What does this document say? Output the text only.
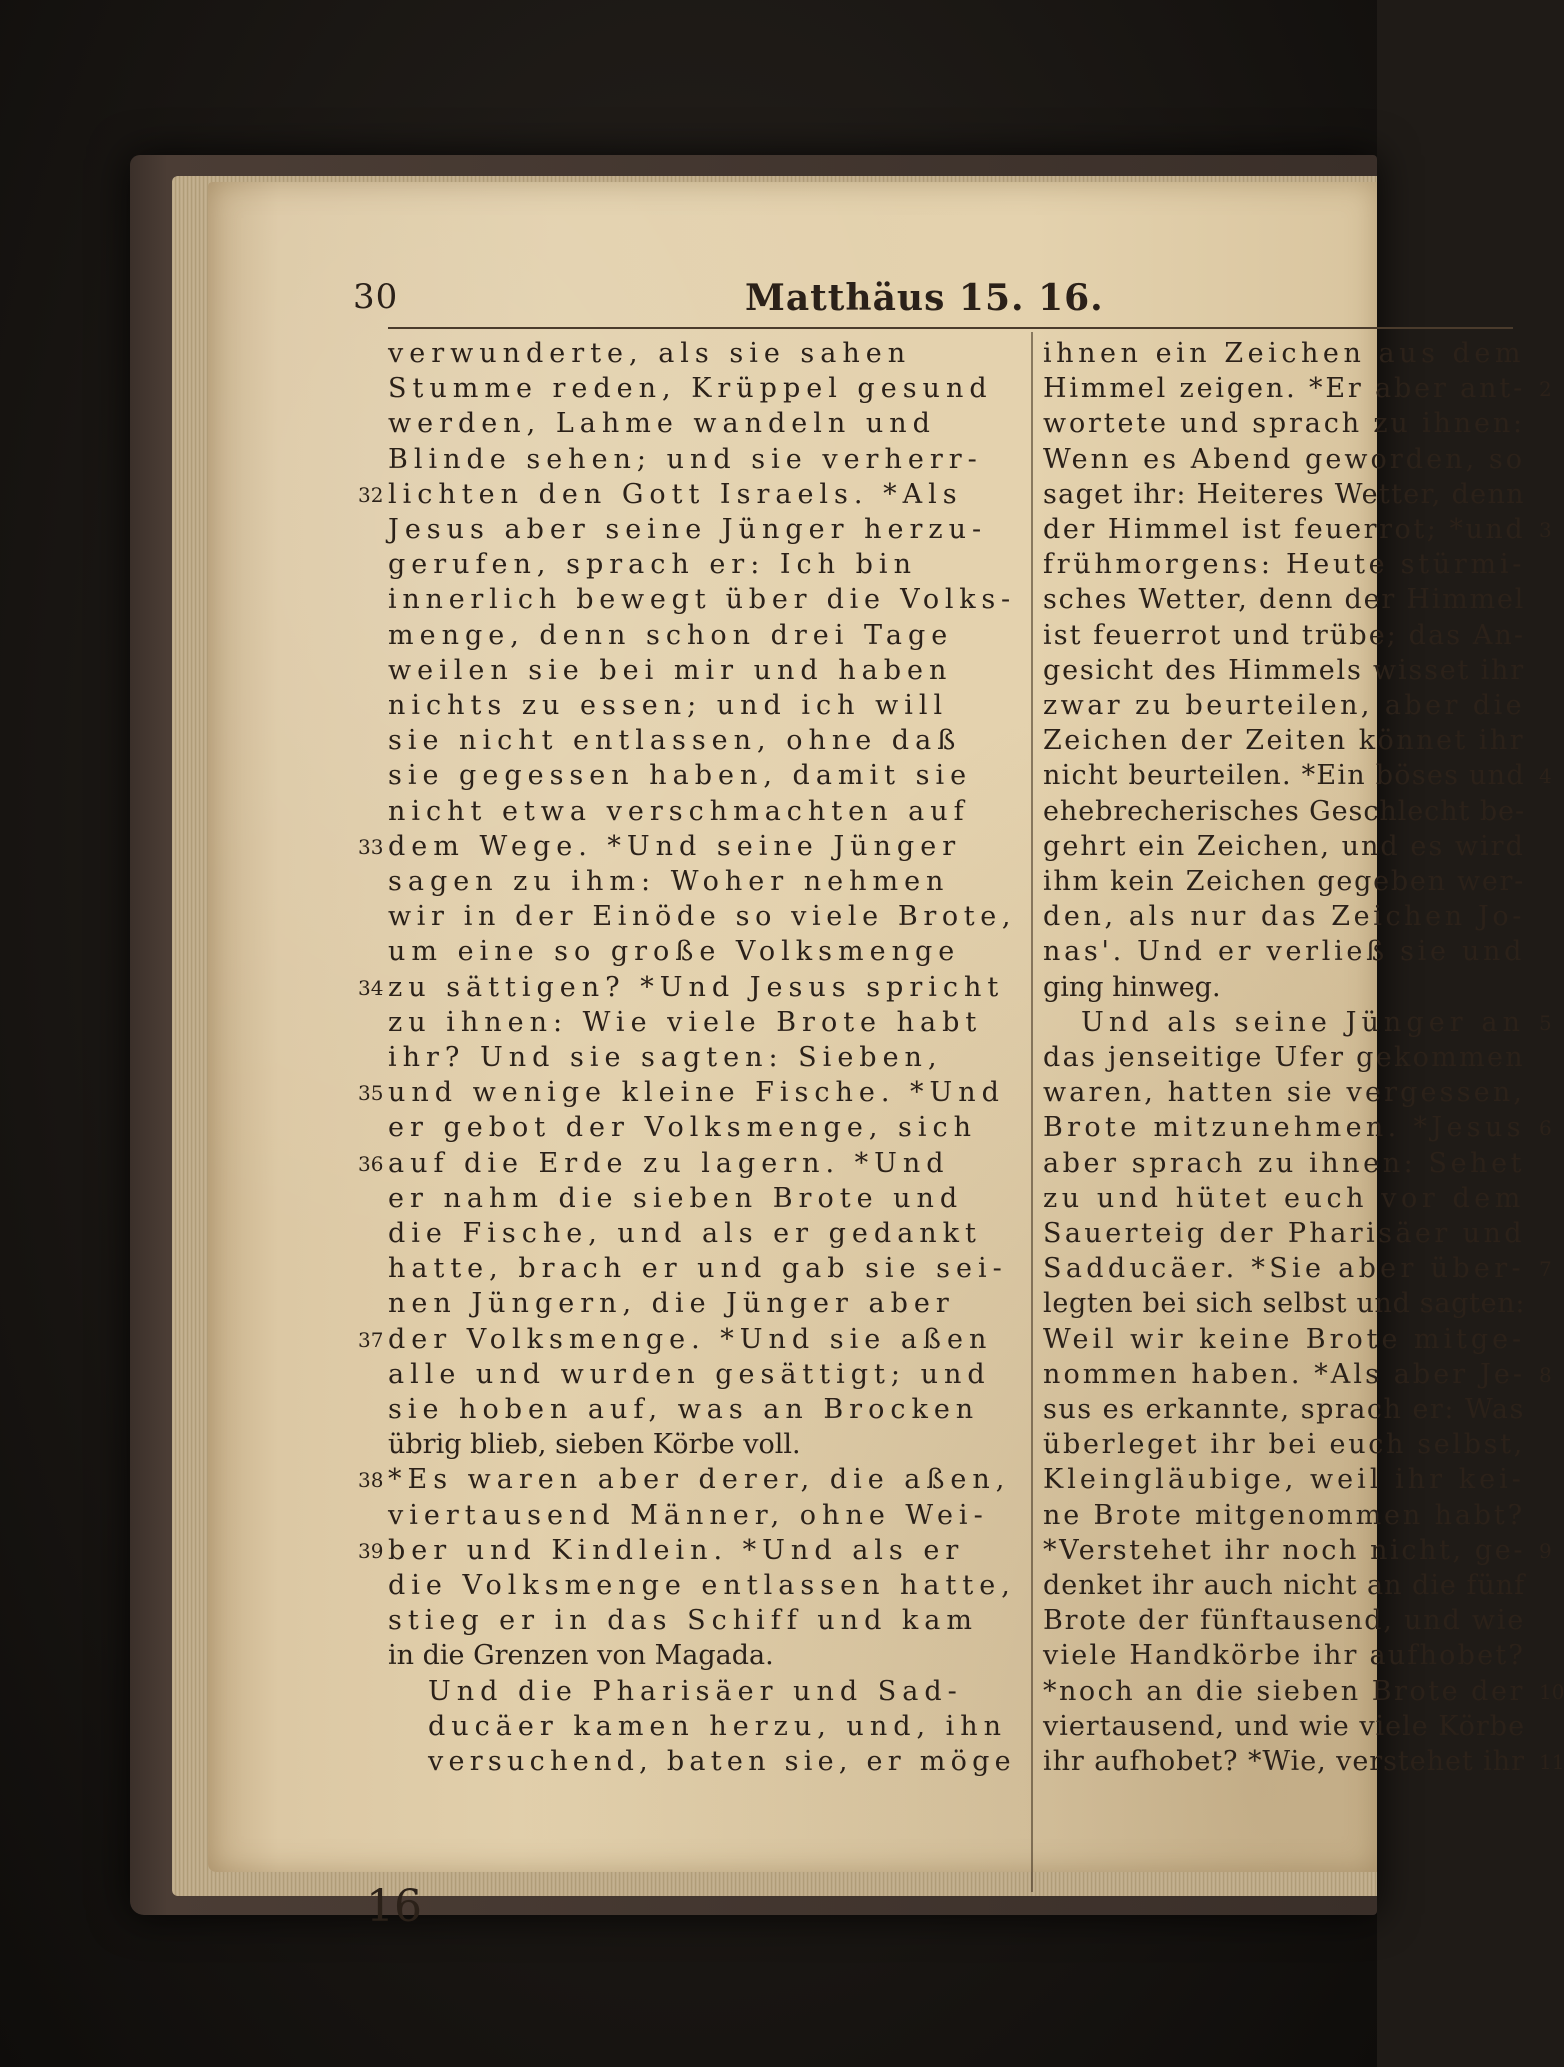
30	Matthäus 15. 16.
verwunderte, als sie sahen
Stumme reden, Krüppel gesund
werden, Lahme wandeln und
Blinde sehen; und sie verherr-
lichten den Gott Israels. *Als
32
Jesus aber seine Jünger herzu-
gerufen, sprach er: Ich bin
innerlich bewegt über die Volks-
menge, denn schon drei Tage
weilen sie bei mir und haben
nichts zu essen; und ich will
sie nicht entlassen, ohne daß
sie gegessen haben, damit sie
nicht etwa verschmachten auf
dem Wege. *Und seine Jünger
33
sagen zu ihm: Woher nehmen
wir in der Einöde so viele Brote,
um eine so große Volksmenge
zu sättigen? *Und Jesus spricht
34
zu ihnen: Wie viele Brote habt
ihr? Und sie sagten: Sieben,
und wenige kleine Fische. *Und
35
er gebot der Volksmenge, sich
auf die Erde zu lagern. *Und
36
er nahm die sieben Brote und
die Fische, und als er gedankt
hatte, brach er und gab sie sei-
nen Jüngern, die Jünger aber
der Volksmenge. *Und sie aßen
37
alle und wurden gesättigt; und
sie hoben auf, was an Brocken
übrig blieb, sieben Körbe voll.
*Es waren aber derer, die aßen,
38
viertausend Männer, ohne Wei-
ber und Kindlein. *Und als er
39
die Volksmenge entlassen hatte,
stieg er in das Schiff und kam
in die Grenzen von Magada.
Und die Pharisäer und Sad-
ducäer kamen herzu, und, ihn
versuchend, baten sie, er möge
16
ihnen ein Zeichen aus dem
Himmel zeigen. *Er aber ant- 2
wortete und sprach zu ihnen:
Wenn es Abend geworden, so
saget ihr: Heiteres Wetter, denn
der Himmel ist feuerrot; *und 3
frühmorgens: Heute stürmi-
sches Wetter, denn der Himmel
ist feuerrot und trübe; das An-
gesicht des Himmels wisset ihr
zwar zu beurteilen, aber die
Zeichen der Zeiten könnet ihr
nicht beurteilen. *Ein böses und 4
ehebrecherisches Geschlecht be-
gehrt ein Zeichen, und es wird
ihm kein Zeichen gegeben wer-
den, als nur das Zeichen Jo-
nas'. Und er verließ sie und
ging hinweg.
Und als seine Jünger an 5
das jenseitige Ufer gekommen
waren, hatten sie vergessen,
Brote mitzunehmen. *Jesus 6
aber sprach zu ihnen: Sehet
zu und hütet euch vor dem
Sauerteig der Pharisäer und
Sadducäer. *Sie aber über- 7
legten bei sich selbst und sagten:
Weil wir keine Brote mitge-
nommen haben. *Als aber Je- 8
sus es erkannte, sprach er: Was
überleget ihr bei euch selbst,
Kleingläubige, weil ihr kei-
ne Brote mitgenommen habt?
*Verstehet ihr noch nicht, ge- 9
denket ihr auch nicht an die fünf
Brote der fünftausend, und wie
viele Handkörbe ihr aufhobet?
*noch an die sieben Brote der 10
viertausend, und wie viele Körbe
ihr aufhobet? *Wie, verstehet ihr 11
